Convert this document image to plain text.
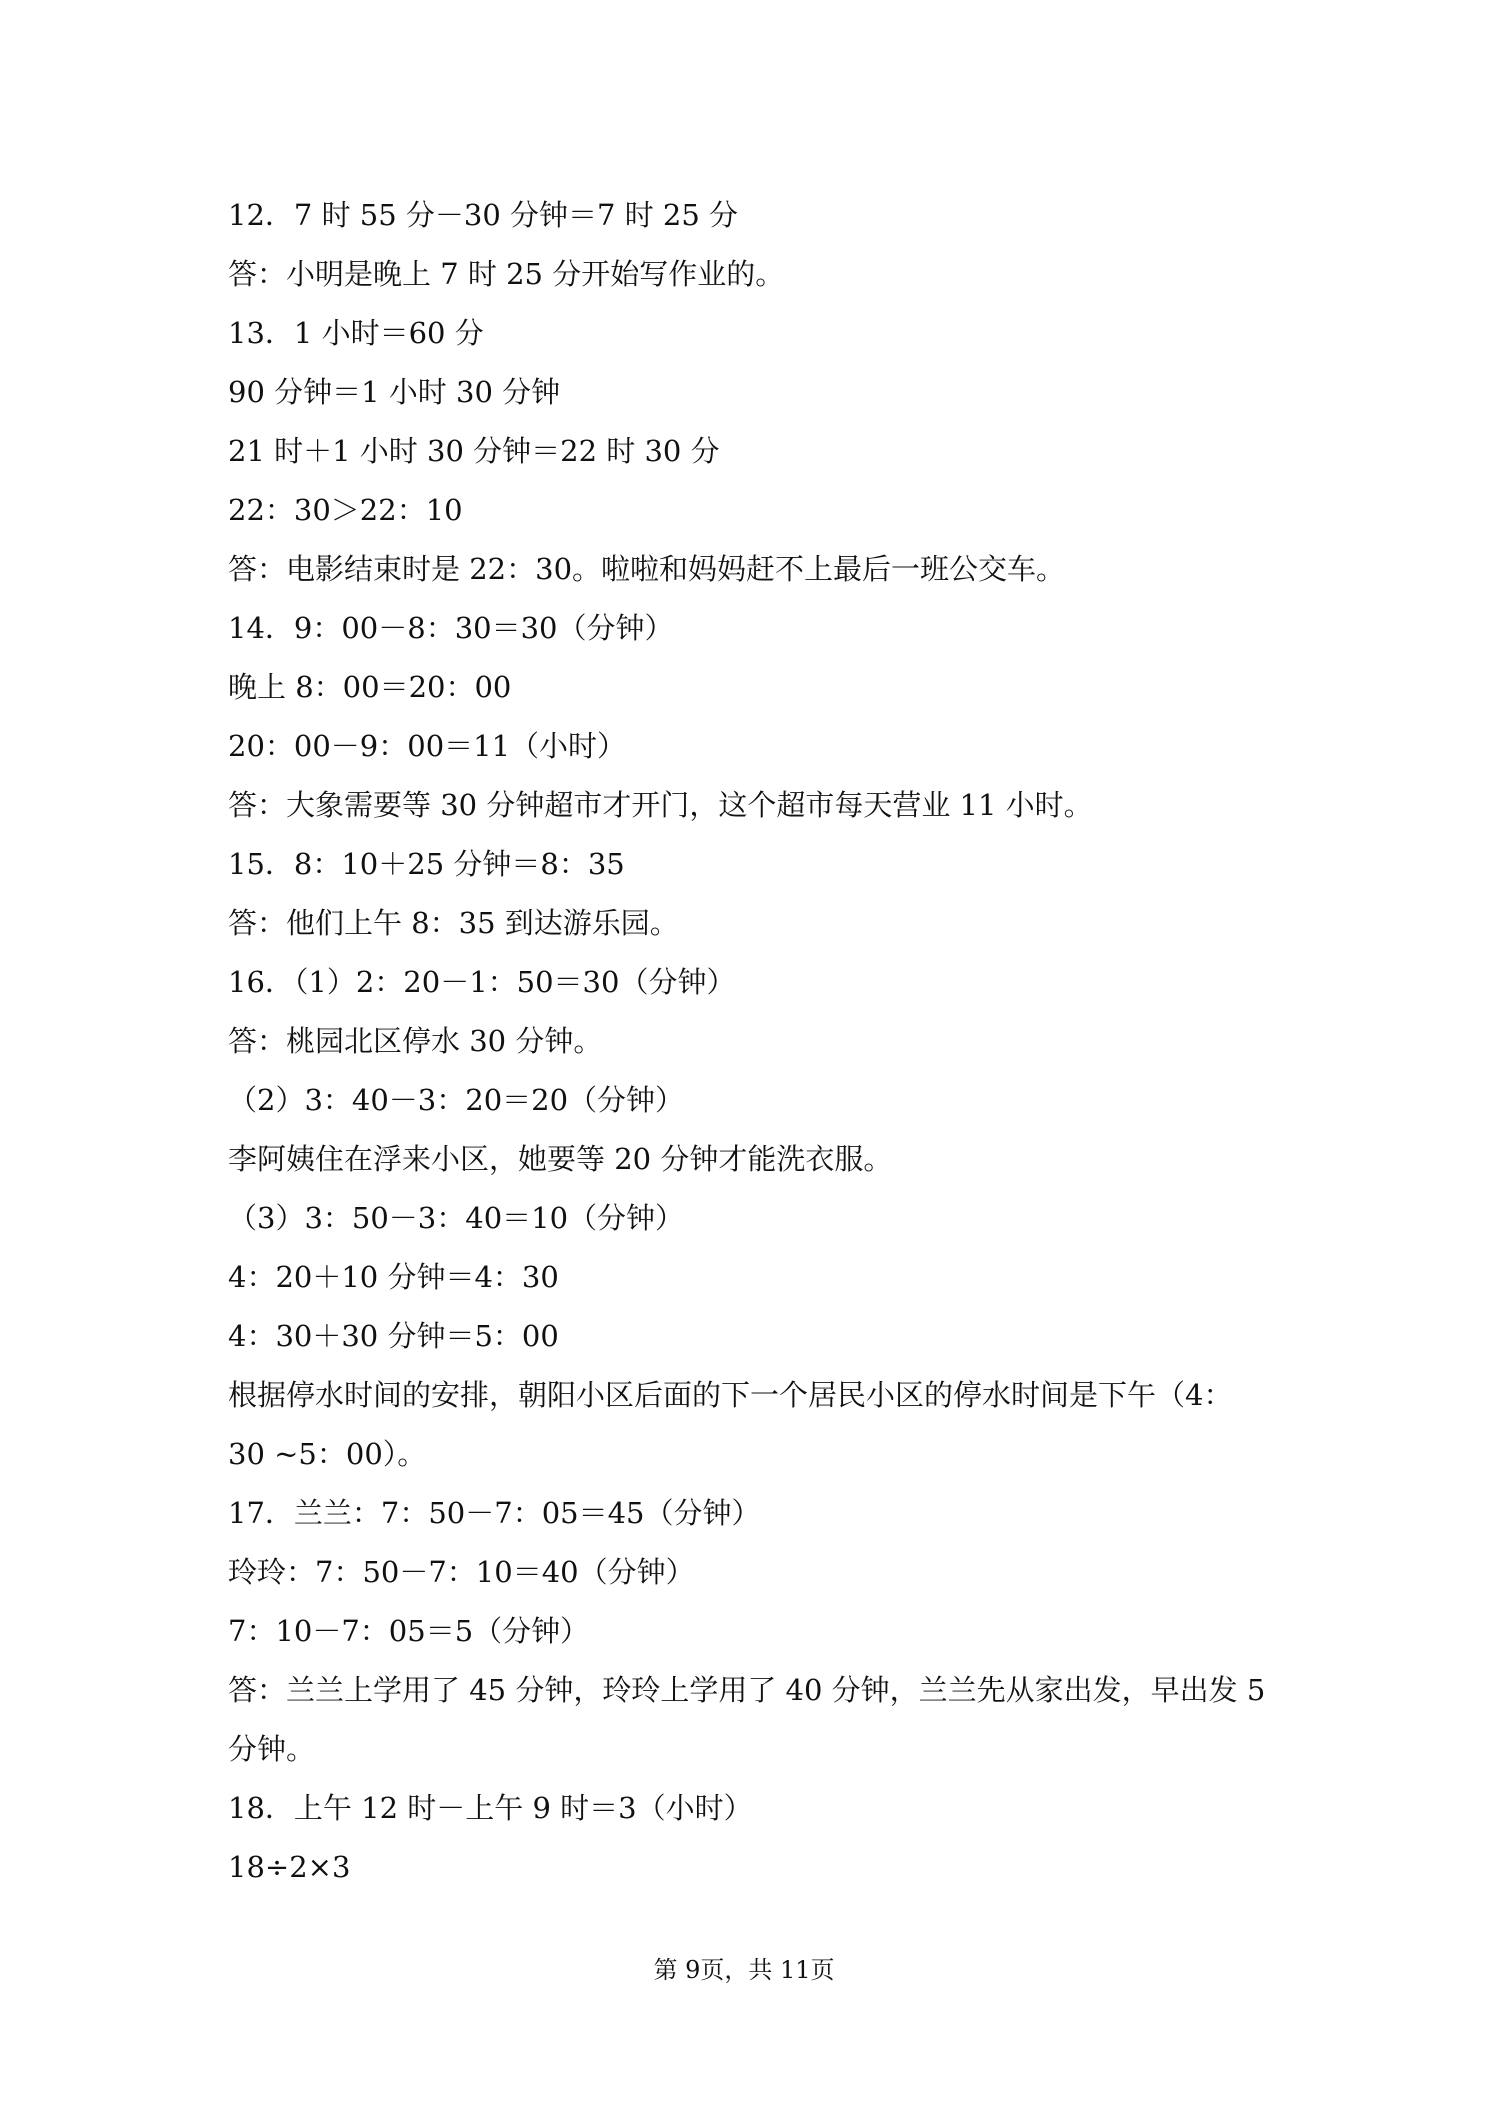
12．7 时 55 分－30 分钟＝7 时 25 分
答：小明是晚上 7 时 25 分开始写作业的。
13．1 小时＝60 分
90 分钟＝1 小时 30 分钟
21 时＋1 小时 30 分钟＝22 时 30 分
22：30＞22：10
答：电影结束时是 22：30。啦啦和妈妈赶不上最后一班公交车。
14．9：00－8：30＝30（分钟）
晚上 8：00＝20：00
20：00－9：00＝11（小时）
答：大象需要等 30 分钟超市才开门，这个超市每天营业 11 小时。
15．8：10＋25 分钟＝8：35
答：他们上午 8：35 到达游乐园。
16．（1）2：20－1：50＝30（分钟）
答：桃园北区停水 30 分钟。
（2）3：40－3：20＝20（分钟）
李阿姨住在浮来小区，她要等 20 分钟才能洗衣服。
（3）3：50－3：40＝10（分钟）
4：20＋10 分钟＝4：30
4：30＋30 分钟＝5：00
根据停水时间的安排，朝阳小区后面的下一个居民小区的停水时间是下午（4：
30 ~5：00）。
17．兰兰：7：50－7：05＝45（分钟）
玲玲：7：50－7：10＝40（分钟）
7：10－7：05＝5（分钟）
答：兰兰上学用了 45 分钟，玲玲上学用了 40 分钟，兰兰先从家出发，早出发 5
分钟。
18．上午 12 时－上午 9 时＝3（小时）
18÷2×3
第 9页，共 11页
